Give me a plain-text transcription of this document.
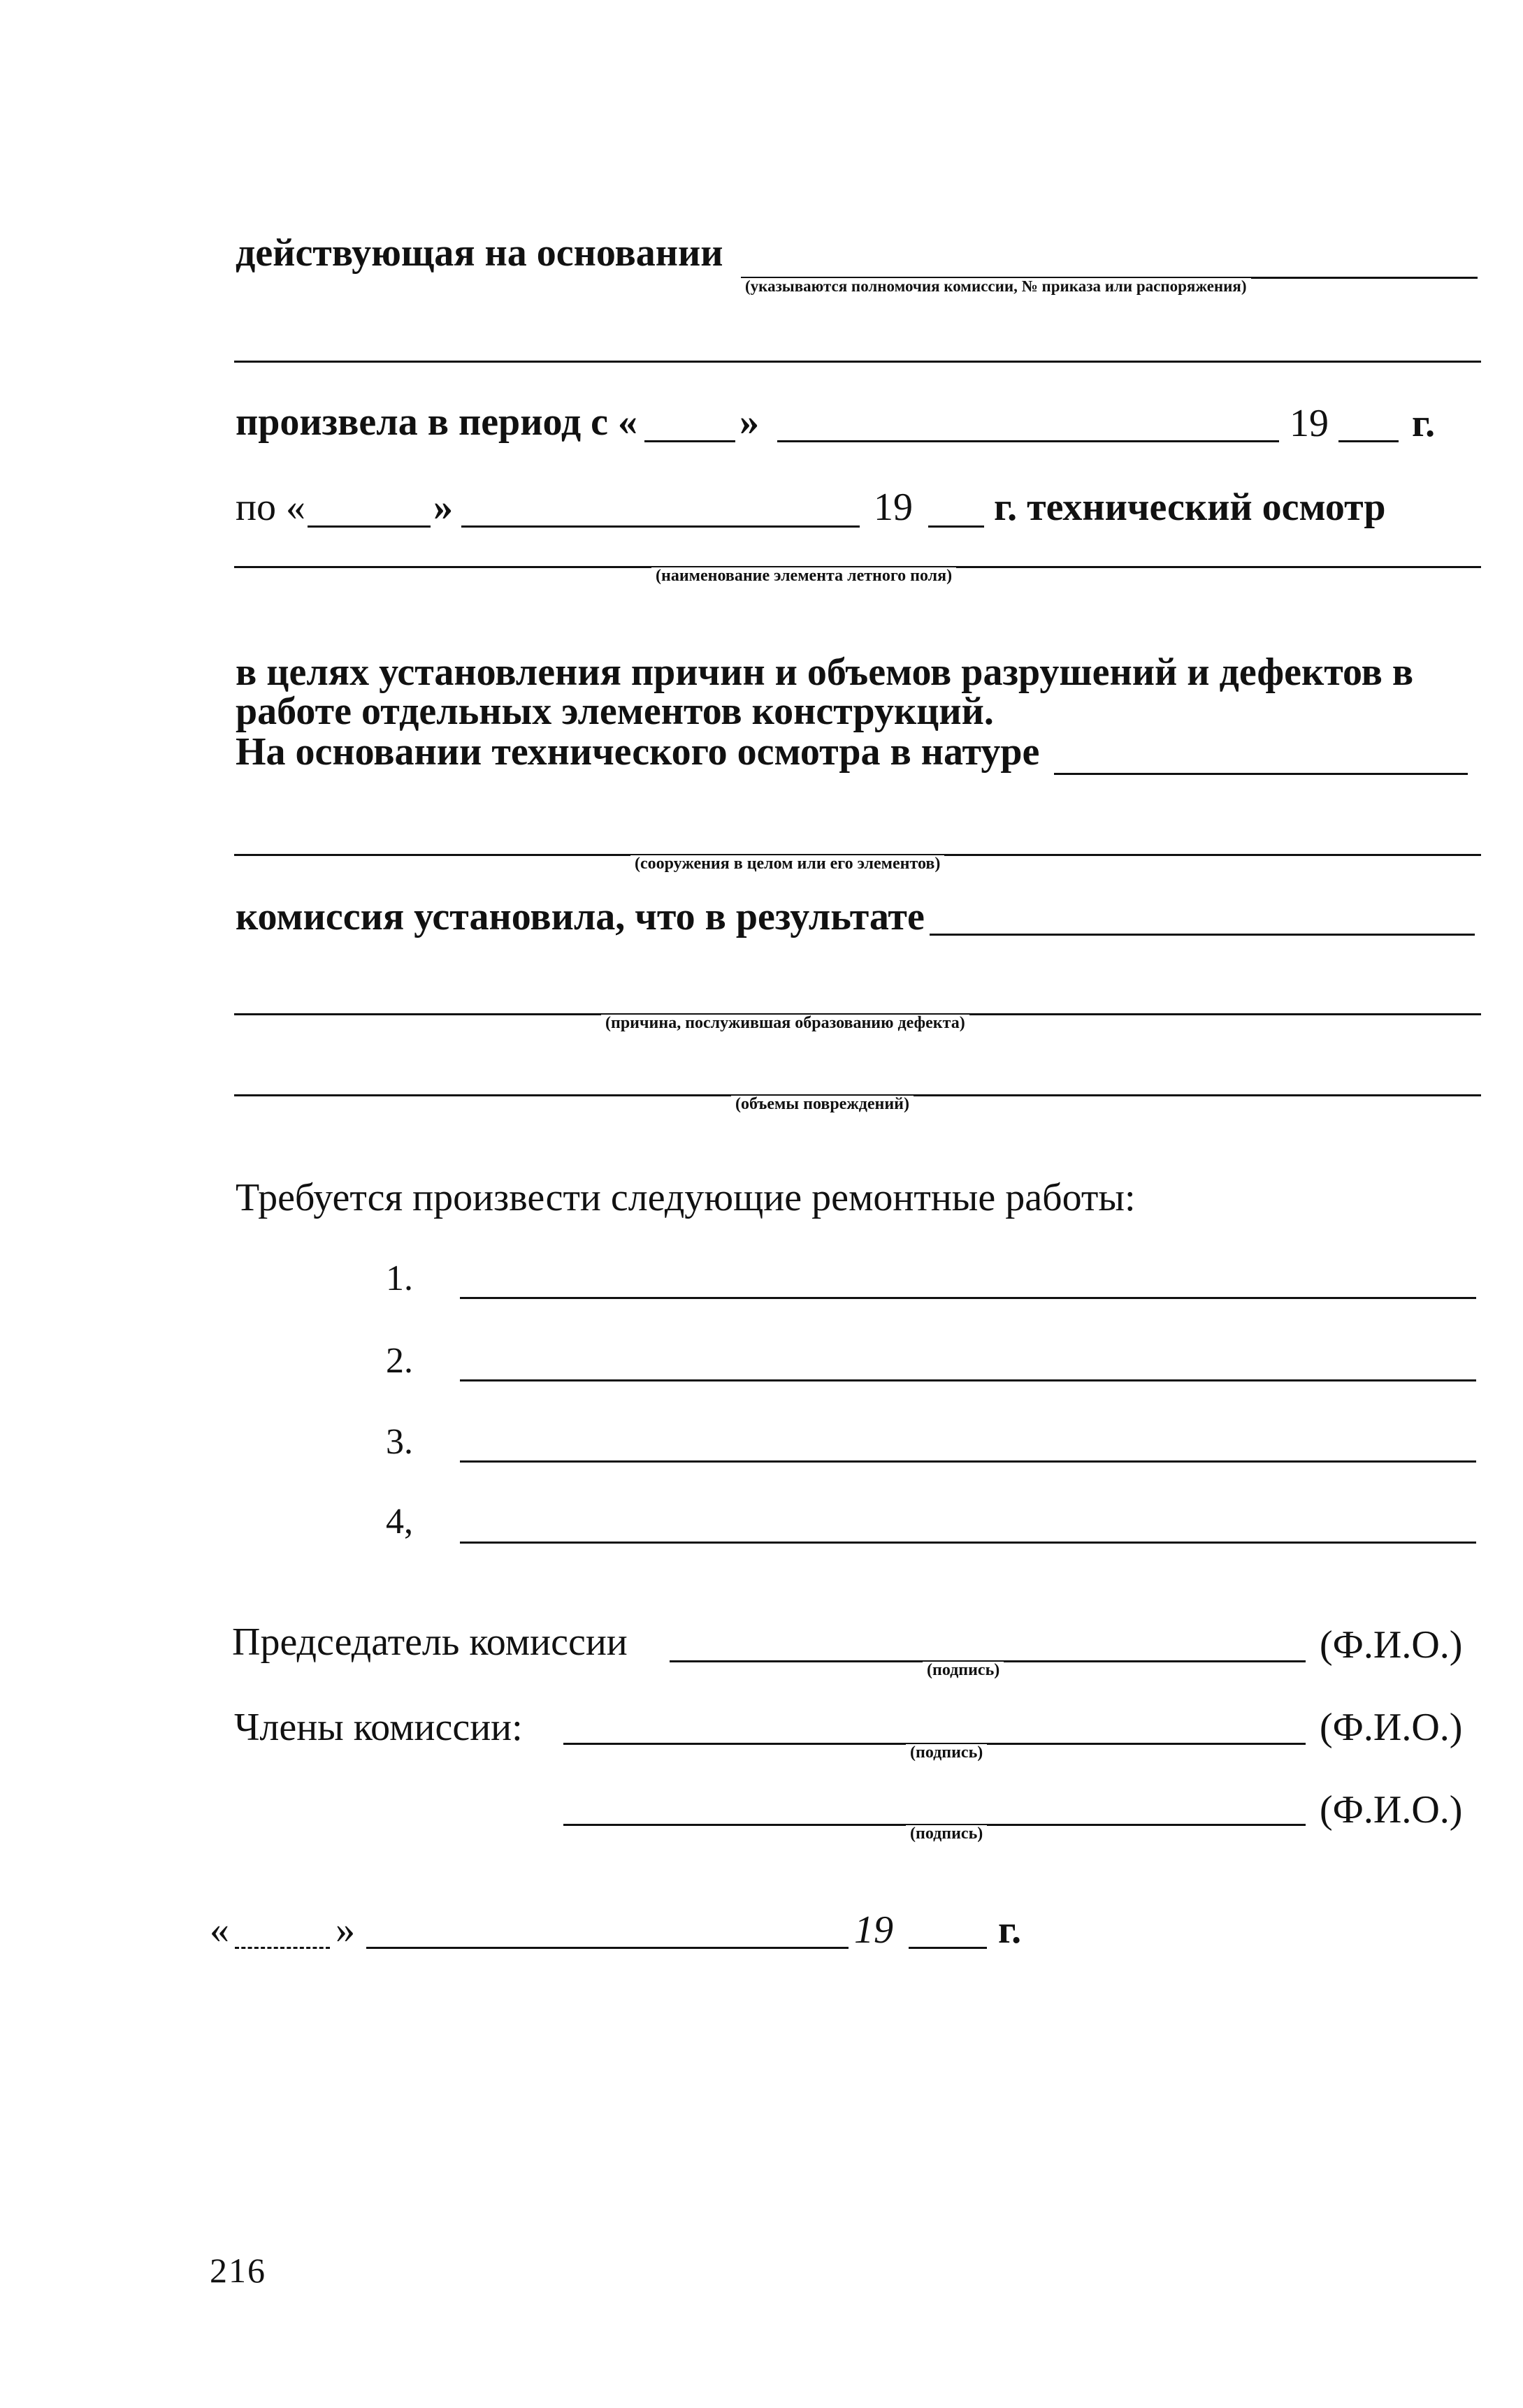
действующая на основании
(указываются полномочия комиссии, № приказа или распоряжения)
произвела в период с «	»	19 г.
по «	»	19 г. технический осмотр
(наименование элемента летного поля)
в целях установления причин и объемов разрушений и дефектов в
работе отдельных элементов конструкций.
На основании технического осмотра в натуре
(сооружения в целом или его элементов)
комиссия установила, что в результате
(причина, послужившая образованию дефекта)
(объемы повреждений)
Требуется произвести следующие ремонтные работы:
1.
2.
3.
4,
Председатель комиссии
(подпись)
(Ф.И.О.)
Члены комиссии:
(подпись)
(Ф.И.О.)
(подпись)
(Ф.И.О.)
«	»	19	г.
216
